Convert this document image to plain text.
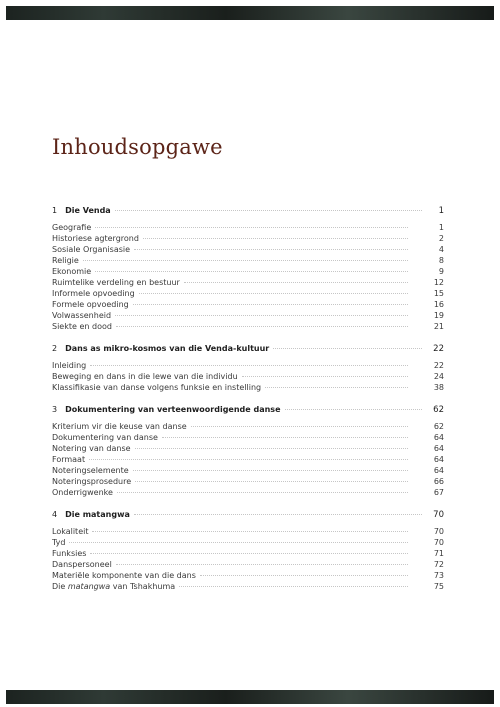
Inhoudsopgawe
1 Die Venda	1
Geografie	1
Historiese agtergrond	2
Sosiale Organisasie	4
Religie	8
Ekonomie	9
Ruimtelike verdeling en bestuur	12
Informele opvoeding	15
Formele opvoeding	16
Volwassenheid	19
Siekte en dood	21
2 Dans as mikro-kosmos van die Venda-kultuur	22
Inleiding	22
Beweging en dans in die lewe van die individu	24
Klassifikasie van danse volgens funksie en instelling	38
3 Dokumentering van verteenwoordigende danse	62
Kriterium vir die keuse van danse	62
Dokumentering van danse	64
Notering van danse	64
Formaat	64
Noteringselemente	64
Noteringsprosedure	66
Onderrigwenke	67
4 Die matangwa	70
Lokaliteit	70
Tyd	70
Funksies	71
Danspersoneel	72
Materiële komponente van die dans	73
Die matangwa van Tshakhuma	75
